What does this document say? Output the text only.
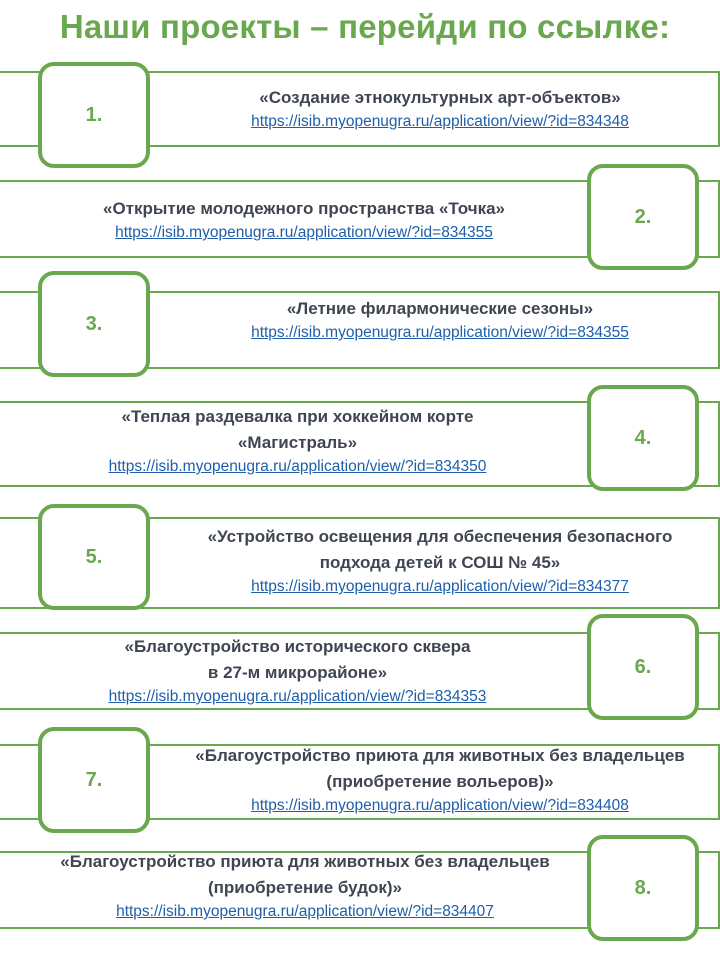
Наши проекты – перейди по ссылке:
1.
«Создание этнокультурных арт-объектов»
https://isib.myopenugra.ru/application/view/?id=834348
2.
«Открытие молодежного пространства «Точка»
https://isib.myopenugra.ru/application/view/?id=834355
3.
«Летние филармонические сезоны»
https://isib.myopenugra.ru/application/view/?id=834355
4.
«Теплая раздевалка при хоккейном корте
«Магистраль»
https://isib.myopenugra.ru/application/view/?id=834350
5.
«Устройство освещения для обеспечения безопасного
подхода детей к СОШ № 45»
https://isib.myopenugra.ru/application/view/?id=834377
6.
«Благоустройство исторического сквера
в 27-м микрорайоне»
https://isib.myopenugra.ru/application/view/?id=834353
7.
«Благоустройство приюта для животных без владельцев
(приобретение вольеров)»
https://isib.myopenugra.ru/application/view/?id=834408
8.
«Благоустройство приюта для животных без владельцев
(приобретение будок)»
https://isib.myopenugra.ru/application/view/?id=834407
